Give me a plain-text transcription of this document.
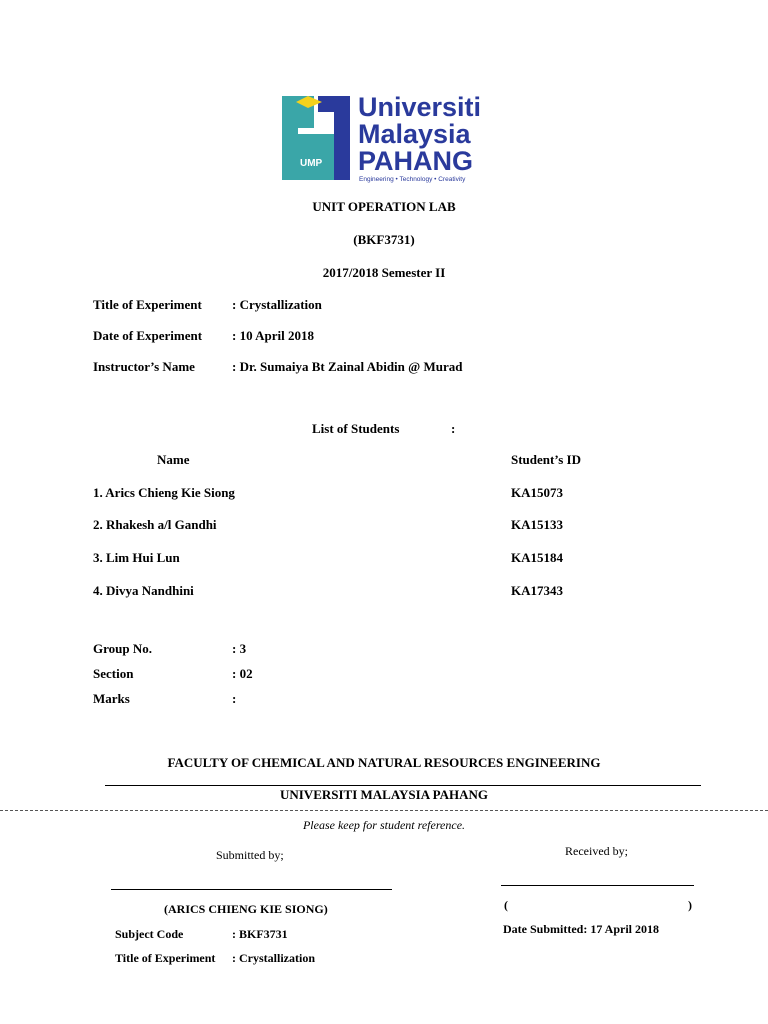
UMP
Universiti
Malaysia
PAHANG
Engineering • Technology • Creativity
UNIT OPERATION LAB
(BKF3731)
2017/2018 Semester II
Title of Experiment : Crystallization
Date of Experiment : 10 April 2018
Instructor’s Name	: Dr. Sumaiya Bt Zainal Abidin @ Murad
List of Students	:
Name	Student’s ID
1. Arics Chieng Kie Siong	KA15073
2. Rhakesh a/l Gandhi	KA15133
3. Lim Hui Lun	KA15184
4. Divya Nandhini	KA17343
Group No.	: 3
Section	: 02
Marks	:
FACULTY OF CHEMICAL AND NATURAL RESOURCES ENGINEERING
UNIVERSITI MALAYSIA PAHANG
Please keep for student reference.
Submitted by;	Received by;
(ARICS CHIENG KIE SIONG)	(	)
Subject Code	: BKF3731	Date Submitted: 17 April 2018
Title of Experiment : Crystallization
